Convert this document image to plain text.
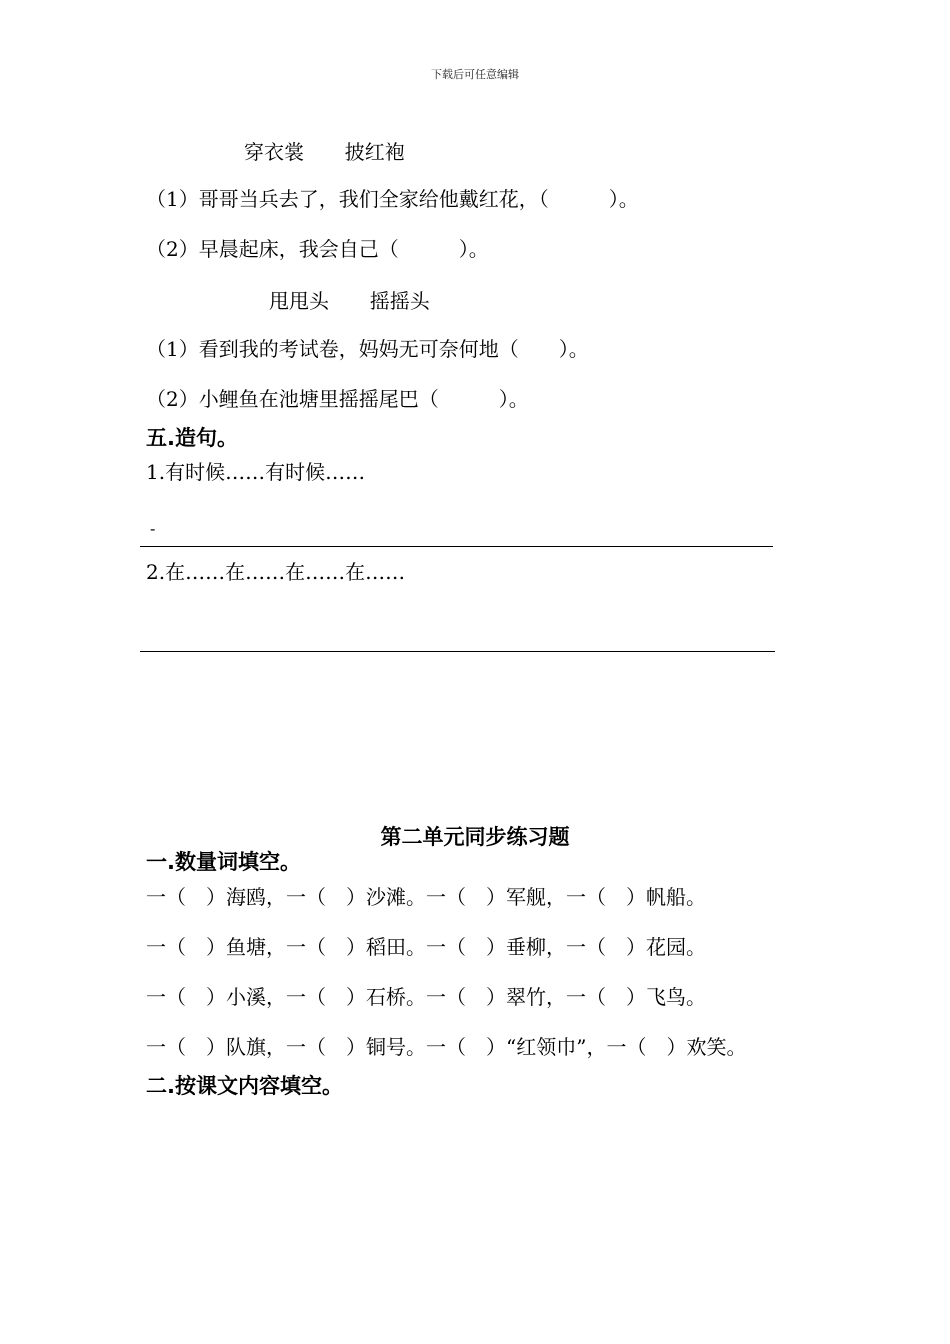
下载后可任意编辑
穿衣裳 披红袍
（1）哥哥当兵去了，我们全家给他戴红花，（　　　）。
（2）早晨起床，我会自己（　　　）。
甩甩头 摇摇头
（1）看到我的考试卷，妈妈无可奈何地（　　）。
（2）小鲤鱼在池塘里摇摇尾巴（　　　）。
五.造句。
1.有时候……有时候……
-
2.在……在……在……在……
第二单元同步练习题
一.数量词填空。
一（　）海鸥，一（　）沙滩。一（　）军舰，一（　）帆船。
一（　）鱼塘，一（　）稻田。一（　）垂柳，一（　）花园。
一（　）小溪，一（　）石桥。一（　）翠竹，一（　）飞鸟。
一（　）队旗，一（　）铜号。一（　）“红领巾”，一（　）欢笑。
二.按课文内容填空。
